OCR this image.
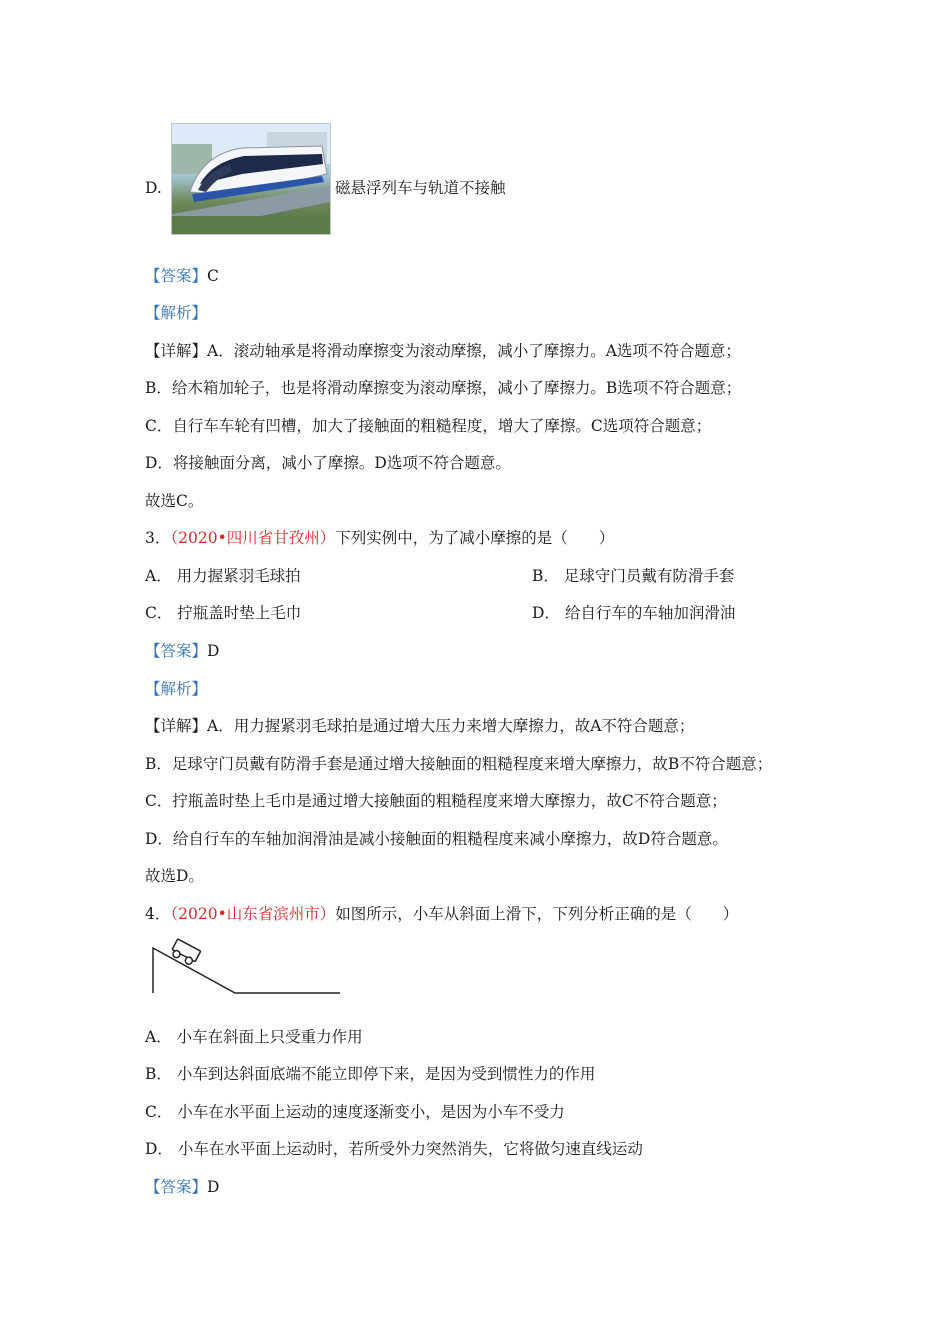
D.	磁悬浮列车与轨道不接触
【答案】C
【解析】
【详解】A．滚动轴承是将滑动摩擦变为滚动摩擦，减小了摩擦力。A选项不符合题意；
B．给木箱加轮子，也是将滑动摩擦变为滚动摩擦，减小了摩擦力。B选项不符合题意；
C．自行车车轮有凹槽，加大了接触面的粗糙程度，增大了摩擦。C选项符合题意；
D．将接触面分离，减小了摩擦。D选项不符合题意。
故选C。
3．（2020•四川省甘孜州）下列实例中，为了减小摩擦的是（　　）
A． 用力握紧羽毛球拍	B． 足球守门员戴有防滑手套
C． 拧瓶盖时垫上毛巾	D． 给自行车的车轴加润滑油
【答案】D
【解析】
【详解】A．用力握紧羽毛球拍是通过增大压力来增大摩擦力，故A不符合题意；
B．足球守门员戴有防滑手套是通过增大接触面的粗糙程度来增大摩擦力，故B不符合题意；
C．拧瓶盖时垫上毛巾是通过增大接触面的粗糙程度来增大摩擦力，故C不符合题意；
D．给自行车的车轴加润滑油是减小接触面的粗糙程度来减小摩擦力，故D符合题意。
故选D。
4．（2020•山东省滨州市）如图所示，小车从斜面上滑下，下列分析正确的是（　　）
A． 小车在斜面上只受重力作用
B． 小车到达斜面底端不能立即停下来，是因为受到惯性力的作用
C． 小车在水平面上运动的速度逐渐变小，是因为小车不受力
D． 小车在水平面上运动时，若所受外力突然消失，它将做匀速直线运动
【答案】D
